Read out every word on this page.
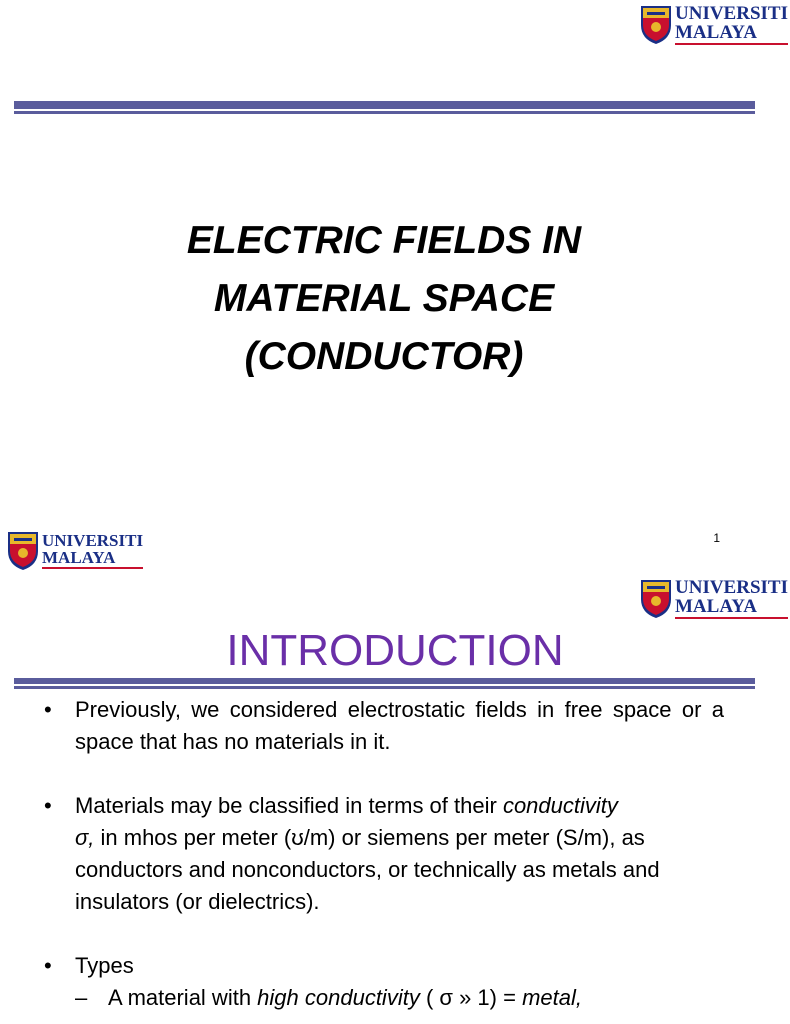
UNIVERSITI
MALAYA
ELECTRIC FIELDS IN
MATERIAL SPACE
(CONDUCTOR)
UNIVERSITI
MALAYA
1
UNIVERSITI
MALAYA
INTRODUCTION
• Previously, we considered electrostatic fields in free space or a space that has no materials in it.
• Materials may be classified in terms of their conductivity
σ, in mhos per meter (ʊ/m) or siemens per meter (S/m), as conductors and nonconductors, or technically as metals and insulators (or dielectrics).
• Types
– A material with high conductivity ( σ » 1) = metal,
